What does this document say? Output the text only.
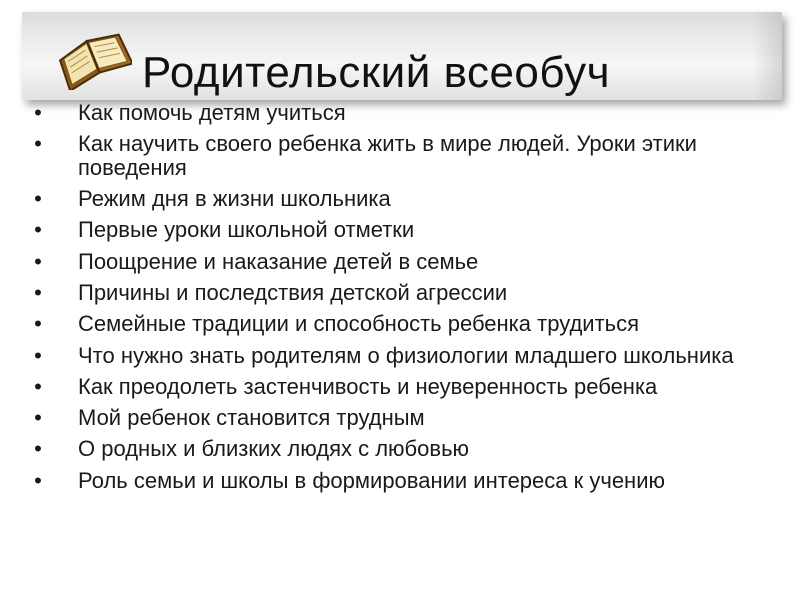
Родительский всеобуч
• Как помочь детям учиться
• Как научить своего ребенка жить в мире людей. Уроки этики поведения
• Режим дня в жизни школьника
• Первые уроки школьной отметки
• Поощрение и наказание детей в семье
• Причины и последствия детской агрессии
• Семейные традиции и способность ребенка трудиться
• Что нужно знать родителям о физиологии младшего школьника
• Как преодолеть застенчивость и неуверенность ребенка
• Мой ребенок становится трудным
• О родных и близких людях с любовью
• Роль семьи и школы в формировании интереса к учению
